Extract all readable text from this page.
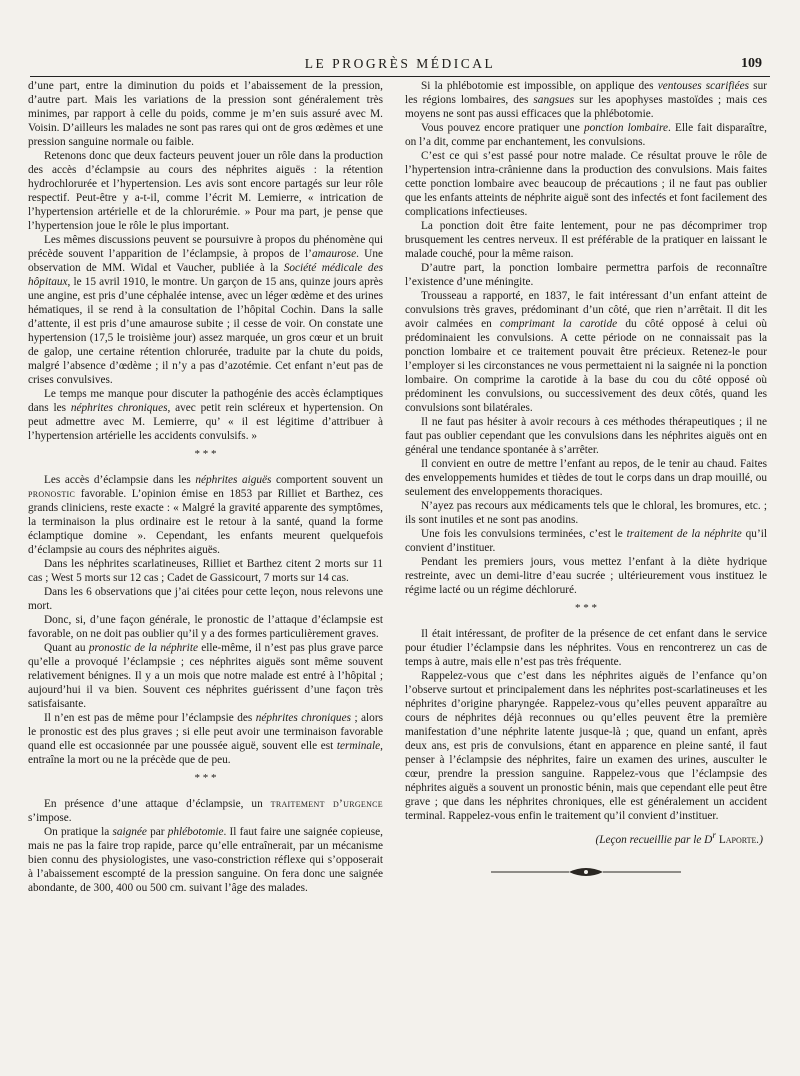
LE PROGRÈS MÉDICAL	109

d’une part, entre la diminution du poids et l’abaissement de la pression, d’autre part. Mais les variations de la pression sont généralement très minimes, par rapport à celle du poids, comme je m’en suis assuré avec M. Voisin. D’ailleurs les malades ne sont pas rares qui ont de gros œdèmes et une pression sanguine normale ou faible.

Retenons donc que deux facteurs peuvent jouer un rôle dans la production des accès d’éclampsie au cours des néphrites aiguës : la rétention hydrochlorurée et l’hypertension. Les avis sont encore partagés sur leur rôle respectif. Peut-être y a-t-il, comme l’écrit M. Lemierre, « intrication de l’hypertension artérielle et de la chlorurémie. » Pour ma part, je pense que l’hypertension joue le rôle le plus important.

Les mêmes discussions peuvent se poursuivre à propos du phénomène qui précède souvent l’apparition de l’éclampsie, à propos de l’amaurose. Une observation de MM. Widal et Vaucher, publiée à la Société médicale des hôpitaux, le 15 avril 1910, le montre. Un garçon de 15 ans, quinze jours après une angine, est pris d’une céphalée intense, avec un léger œdème et des urines hématiques, il se rend à la consultation de l’hôpital Cochin. Dans la salle d’attente, il est pris d’une amaurose subite ; il cesse de voir. On constate une hypertension (17,5 le troisième jour) assez marquée, un gros cœur et un bruit de galop, une certaine rétention chlorurée, traduite par la chute du poids, malgré l’absence d’œdème ; il n’y a pas d’azotémie. Cet enfant n’eut pas de crises convulsives.

Le temps me manque pour discuter la pathogénie des accès éclamptiques dans les néphrites chroniques, avec petit rein scléreux et hypertension. On peut admettre avec M. Lemierre, qu’ « il est légitime d’attribuer à l’hypertension artérielle les accidents convulsifs. »

* * *

Les accès d’éclampsie dans les néphrites aiguës comportent souvent un pronostic favorable. L’opinion émise en 1853 par Rilliet et Barthez, ces grands cliniciens, reste exacte : « Malgré la gravité apparente des symptômes, la terminaison la plus ordinaire est le retour à la santé, quand la forme éclamptique domine ». Cependant, les enfants meurent quelquefois d’éclampsie au cours des néphrites aiguës.

Dans les néphrites scarlatineuses, Rilliet et Barthez citent 2 morts sur 11 cas ; West 5 morts sur 12 cas ; Cadet de Gassicourt, 7 morts sur 14 cas.

Dans les 6 observations que j’ai citées pour cette leçon, nous relevons une mort.

Donc, si, d’une façon générale, le pronostic de l’attaque d’éclampsie est favorable, on ne doit pas oublier qu’il y a des formes particulièrement graves.

Quant au pronostic de la néphrite elle-même, il n’est pas plus grave parce qu’elle a provoqué l’éclampsie ; ces néphrites aiguës sont même souvent relativement bénignes. Il y a un mois que notre malade est entré à l’hôpital ; aujourd’hui il va bien. Souvent ces néphrites guérissent d’une façon très satisfaisante.

Il n’en est pas de même pour l’éclampsie des néphrites chroniques ; alors le pronostic est des plus graves ; si elle peut avoir une terminaison favorable quand elle est occasionnée par une poussée aiguë, souvent elle est terminale, entraîne la mort ou ne la précède que de peu.

* * *

En présence d’une attaque d’éclampsie, un traitement d’urgence s’impose.

On pratique la saignée par phlébotomie. Il faut faire une saignée copieuse, mais ne pas la faire trop rapide, parce qu’elle entraînerait, par un mécanisme bien connu des physiologistes, une vaso-constriction réflexe qui s’opposerait à l’abaissement escompté de la pression sanguine. On fera donc une saignée abondante, de 300, 400 ou 500 cm. suivant l’âge des malades.

Si la phlébotomie est impossible, on applique des ventouses scarifiées sur les régions lombaires, des sangsues sur les apophyses mastoïdes ; mais ces moyens ne sont pas aussi efficaces que la phlébotomie.

Vous pouvez encore pratiquer une ponction lombaire. Elle fait disparaître, on l’a dit, comme par enchantement, les convulsions.

C’est ce qui s’est passé pour notre malade. Ce résultat prouve le rôle de l’hypertension intra-crânienne dans la production des convulsions. Mais faites cette ponction lombaire avec beaucoup de précautions ; il ne faut pas oublier que les enfants atteints de néphrite aiguë sont des infectés et font facilement des complications infectieuses.

La ponction doit être faite lentement, pour ne pas décomprimer trop brusquement les centres nerveux. Il est préférable de la pratiquer en laissant le malade couché, pour la même raison.

D’autre part, la ponction lombaire permettra parfois de reconnaître l’existence d’une méningite.

Trousseau a rapporté, en 1837, le fait intéressant d’un enfant atteint de convulsions très graves, prédominant d’un côté, que rien n’arrêtait. Il dit les avoir calmées en comprimant la carotide du côté opposé à celui où prédominaient les convulsions. A cette période on ne connaissait pas la ponction lombaire et ce traitement pouvait être précieux. Retenez-le pour l’employer si les circonstances ne vous permettaient ni la saignée ni la ponction lombaire. On comprime la carotide à la base du cou du côté opposé où prédominent les convulsions, ou successivement des deux côtés, quand les convulsions sont bilatérales.

Il ne faut pas hésiter à avoir recours à ces méthodes thérapeutiques ; il ne faut pas oublier cependant que les convulsions dans les néphrites aiguës ont en général une tendance spontanée à s’arrêter.

Il convient en outre de mettre l’enfant au repos, de le tenir au chaud. Faites des enveloppements humides et tièdes de tout le corps dans un drap mouillé, ou seulement des enveloppements thoraciques.

N’ayez pas recours aux médicaments tels que le chloral, les bromures, etc. ; ils sont inutiles et ne sont pas anodins.

Une fois les convulsions terminées, c’est le traitement de la néphrite qu’il convient d’instituer.

Pendant les premiers jours, vous mettez l’enfant à la diète hydrique restreinte, avec un demi-litre d’eau sucrée ; ultérieurement vous instituez le régime lacté ou un régime déchloruré.

* * *

Il était intéressant, de profiter de la présence de cet enfant dans le service pour étudier l’éclampsie dans les néphrites. Vous en rencontrerez un cas de temps à autre, mais elle n’est pas très fréquente.

Rappelez-vous que c’est dans les néphrites aiguës de l’enfance qu’on l’observe surtout et principalement dans les néphrites post-scarlatineuses et les néphrites d’origine pharyngée. Rappelez-vous qu’elles peuvent apparaître au cours de néphrites déjà reconnues ou qu’elles peuvent être la première manifestation d’une néphrite latente jusque-là ; que, quand un enfant, après deux ans, est pris de convulsions, étant en apparence en pleine santé, il faut penser à l’éclampsie des néphrites, faire un examen des urines, ausculter le cœur, prendre la pression sanguine. Rappelez-vous que l’éclampsie des néphrites aiguës a souvent un pronostic bénin, mais que cependant elle peut être grave ; que dans les néphrites chroniques, elle est généralement un accident terminal. Rappelez-vous enfin le traitement qu’il convient d’instituer.

(Leçon recueillie par le $D^r$ Laporte.)
